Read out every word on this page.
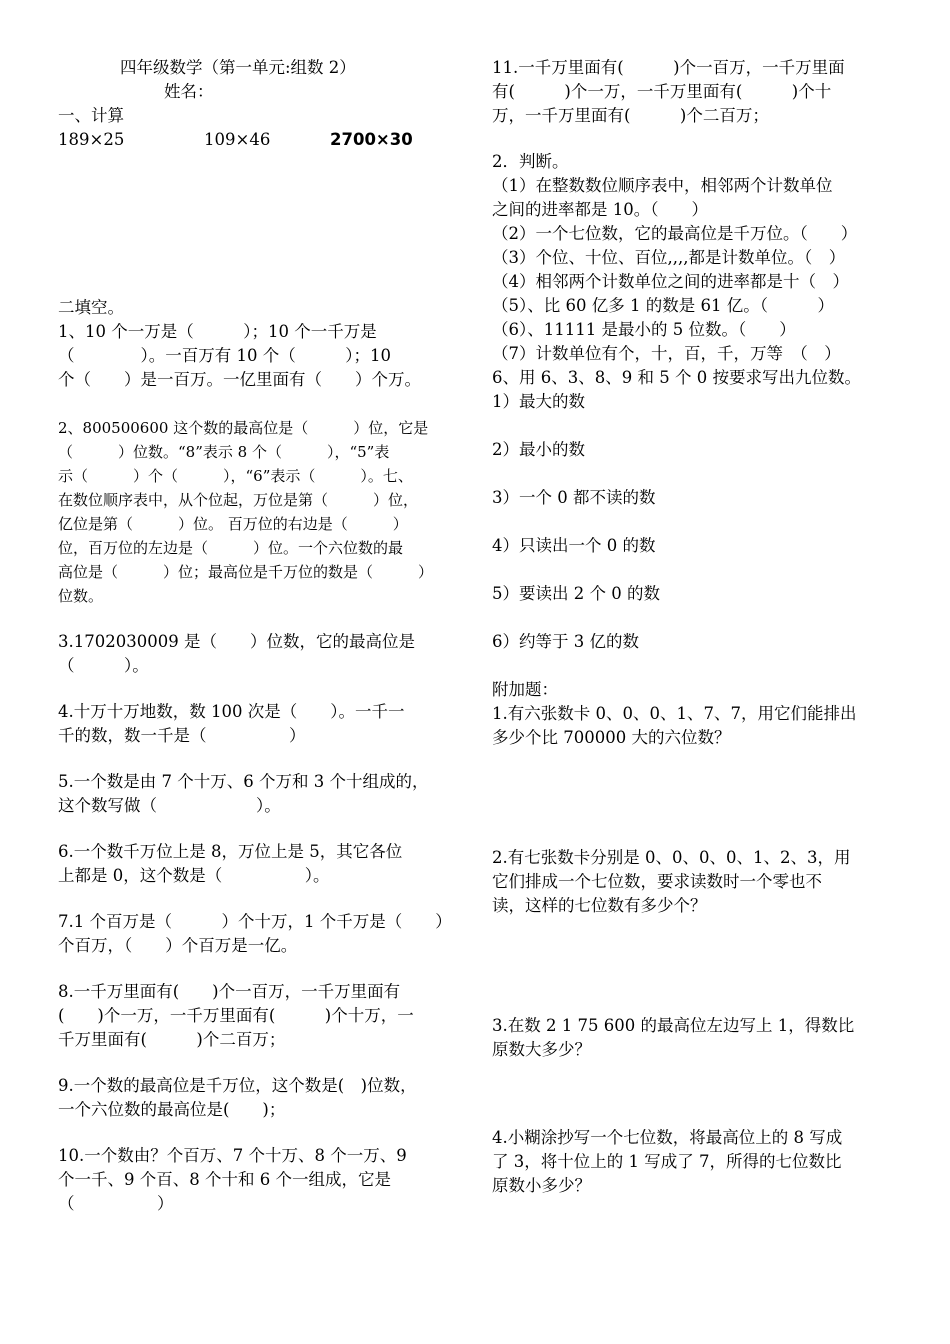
四年级数学（第一单元:组数 2）

姓名：

一、计算

189×25	109×46	2700×30

二填空。

1、10 个一万是（　　　）；10 个一千万是

（　　　　）。一百万有 10 个（　　　）；10

个（　　）是一百万。一亿里面有（　　）个万。

2、800500600 这个数的最高位是（　　　）位，它是

（　　　）位数。“8”表示 8 个（　　　），“5”表

示（　　　）个（　　　），“6”表示（　　　）。七、

在数位顺序表中，从个位起，万位是第（　　　）位，

亿位是第（　　　）位。 百万位的右边是（　　　）

位，百万位的左边是（　　　）位。一个六位数的最

高位是（　　　）位；最高位是千万位的数是（　　　）

位数。

3.1702030009 是（　　）位数，它的最高位是

（　　　）。

4.十万十万地数，数 100 次是（　　）。一千一

千的数，数一千是（　　　　　）

5.一个数是由 7 个十万、6 个万和 3 个十组成的，

这个数写做（　　　　　　）。

6.一个数千万位上是 8，万位上是 5，其它各位

上都是 0，这个数是（　　　　　）。

7.1 个百万是（　　　）个十万，1 个千万是（　　）

个百万，（　　）个百万是一亿。

8.一千万里面有(　　)个一百万，一千万里面有

(　　)个一万，一千万里面有(　　　)个十万，一

千万里面有(　　　)个二百万；

9.一个数的最高位是千万位，这个数是(　)位数，

一个六位数的最高位是(　　)；

10.一个数由？个百万、7 个十万、8 个一万、9

个一千、9 个百、8 个十和 6 个一组成，它是

（　　　　　）

11.一千万里面有(　　　)个一百万，一千万里面

有(　　　)个一万，一千万里面有(　　　)个十

万，一千万里面有(　　　)个二百万；

2．判断。

（1）在整数数位顺序表中，相邻两个计数单位

之间的进率都是 10。（　　）

（2）一个七位数，它的最高位是千万位。（　　）

（3）个位、十位、百位,,,,都是计数单位。（　）

（4）相邻两个计数单位之间的进率都是十（　）

（5）、比 60 亿多 1 的数是 61 亿。（　　　）

（6）、11111 是最小的 5 位数。（　　）

（7）计数单位有个，十，百，千，万等　（　）

6、用 6、3、8、9 和 5 个 0 按要求写出九位数。

1）最大的数

2）最小的数

3）一个 0 都不读的数

4）只读出一个 0 的数

5）要读出 2 个 0 的数

6）约等于 3 亿的数

附加题：

1.有六张数卡 0、0、0、1、7、7，用它们能排出

多少个比 700000 大的六位数？

2.有七张数卡分别是 0、0、0、0、1、2、3，用

它们排成一个七位数，要求读数时一个零也不

读，这样的七位数有多少个？

3.在数 2 1 75 600 的最高位左边写上 1，得数比

原数大多少？

4.小糊涂抄写一个七位数，将最高位上的 8 写成

了 3，将十位上的 1 写成了 7，所得的七位数比

原数小多少？
